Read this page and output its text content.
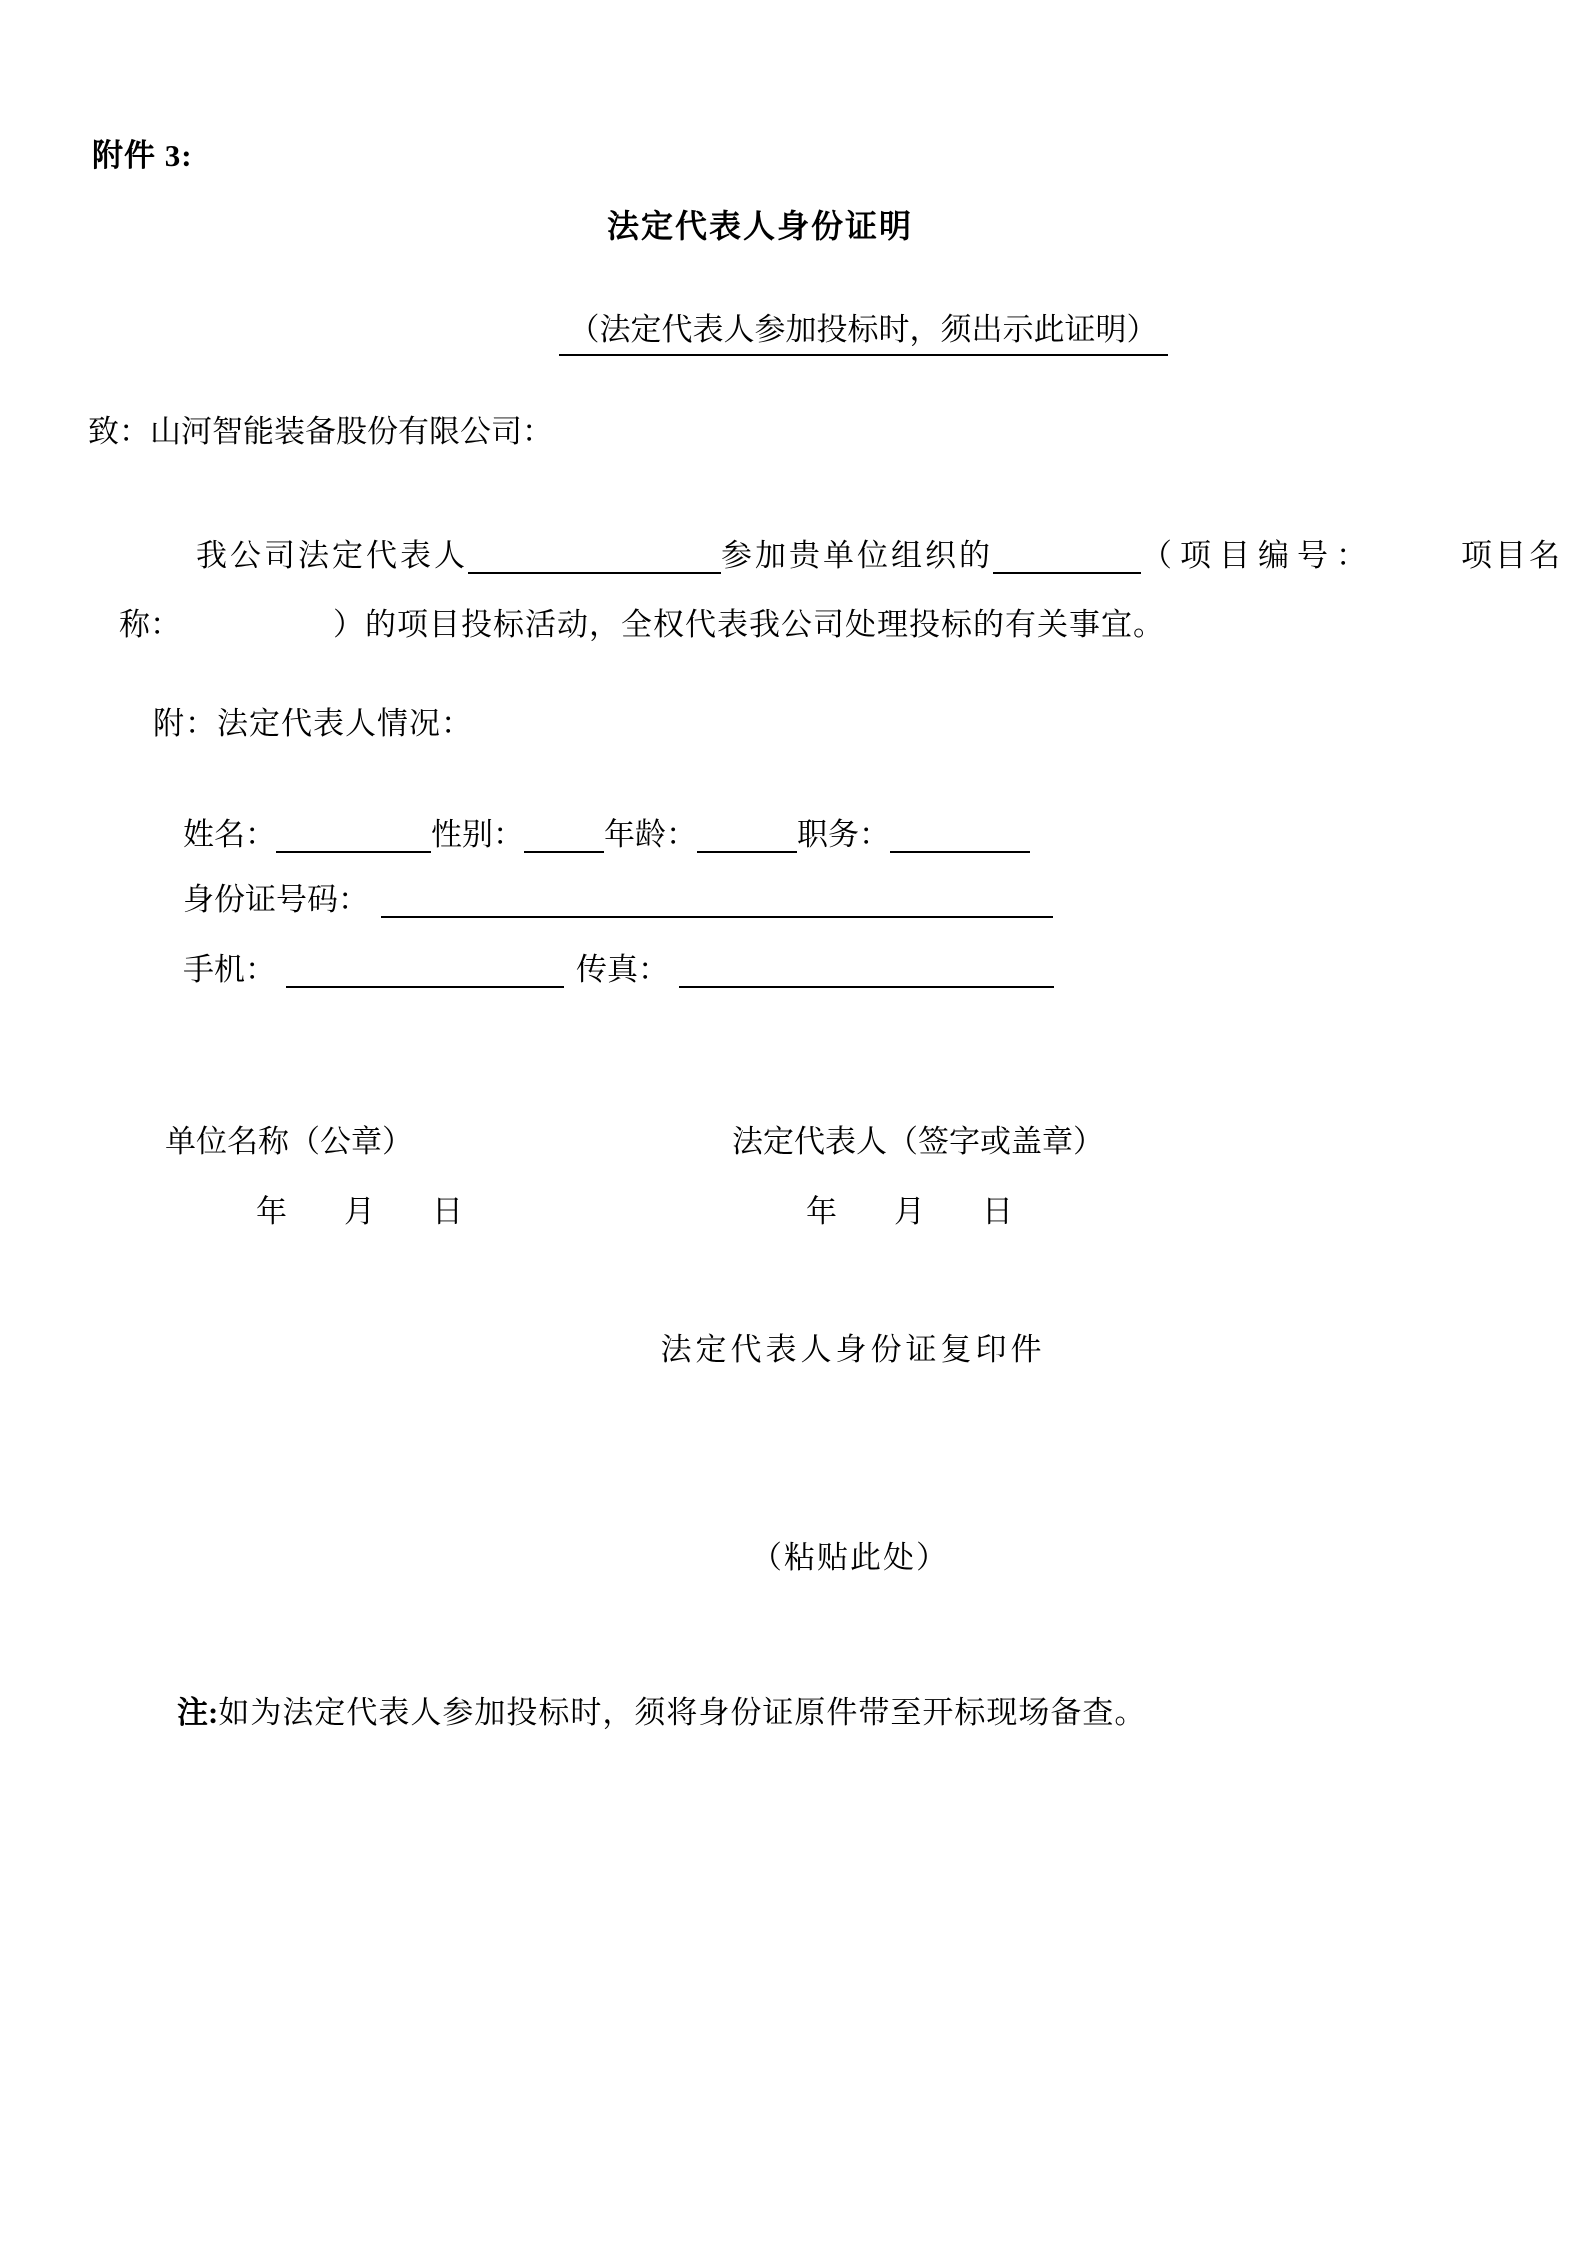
附件 3:
法定代表人身份证明

（法定代表人参加投标时，须出示此证明）

致：山河智能装备股份有限公司：

我公司法定代表人	参加贵单位组织的	（项目编号：	项目名

称：	）的项目投标活动，全权代表我公司处理投标的有关事宜。

附：法定代表人情况：

姓名：	性别：	年龄：	职务：

身份证号码：

手机：	传真：

单位名称（公章）	法定代表人（签字或盖章）
年　月　日	年　月　日
法定代表人身份证复印件
（粘贴此处）

注:如为法定代表人参加投标时，须将身份证原件带至开标现场备查。
